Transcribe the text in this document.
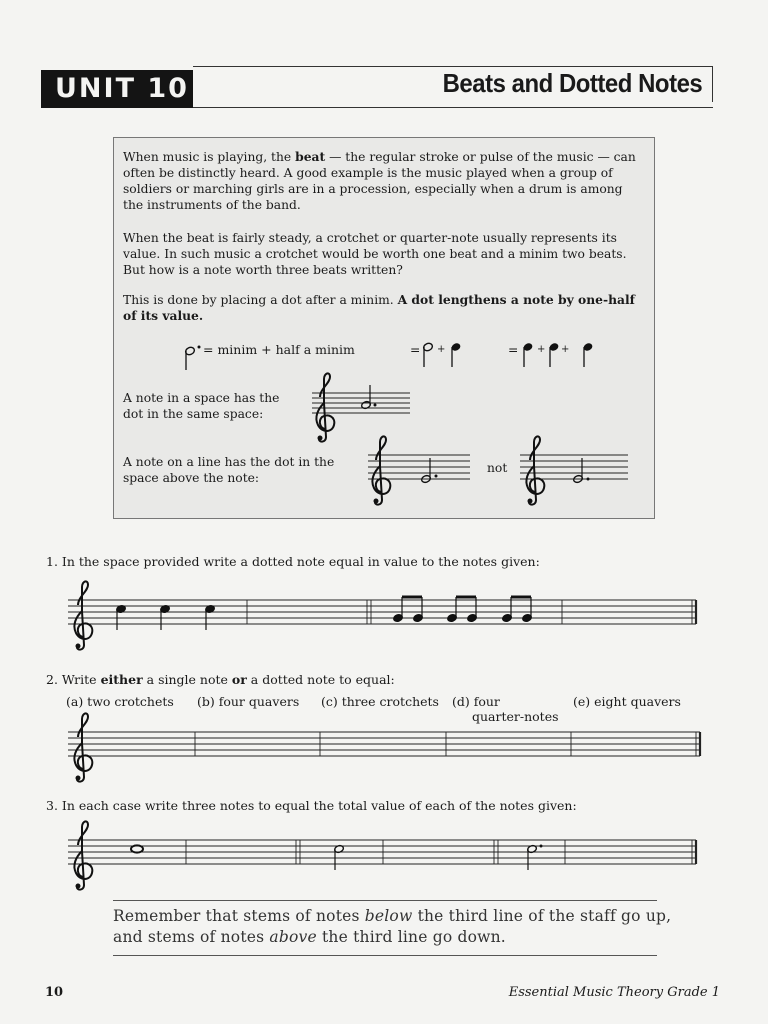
UNIT 10	Beats and Dotted Notes
When music is playing, the beat — the regular stroke or pulse of the music — can often be distinctly heard. A good example is the music played when a group of soldiers or marching girls are in a procession, especially when a drum is among the instruments of the band.
When the beat is fairly steady, a crotchet or quarter-note usually represents its value. In such music a crotchet would be worth one beat and a minim two beats. But how is a note worth three beats written?
This is done by placing a dot after a minim. A dot lengthens a note by one-half of its value.
= minim + half a minim	= +	= + +
A note in a space has the dot in the same space:
A note on a line has the dot in the space above the note:
not
1. In the space provided write a dotted note equal in value to the notes given:
2. Write either a single note or a dotted note to equal:
(a) two crotchets (b) four quavers (c) three crotchets (d) four
quarter-notes
(e) eight quavers
3. In each case write three notes to equal the total value of each of the notes given:
Remember that stems of notes below the third line of the staff go up,
and stems of notes above the third line go down.
10	Essential Music Theory Grade 1
